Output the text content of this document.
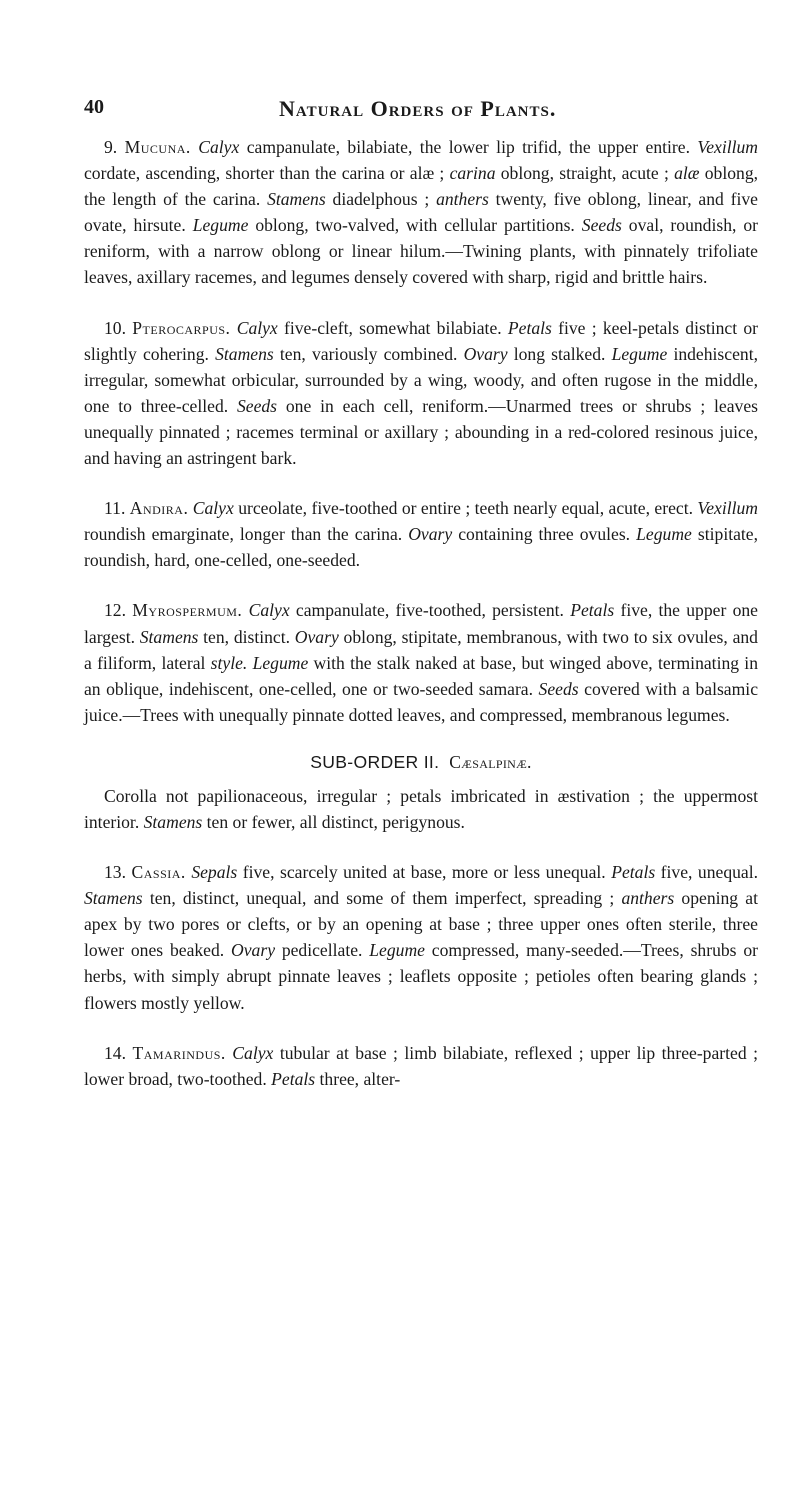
40	Natural Orders of Plants.

9. Mucuna. Calyx campanulate, bilabiate, the lower lip trifid, the upper entire. Vexillum cordate, ascending, shorter than the carina or alæ ; carina oblong, straight, acute ; alæ oblong, the length of the carina. Stamens diadelphous ; anthers twenty, five oblong, linear, and five ovate, hirsute. Legume oblong, two-valved, with cellular partitions. Seeds oval, roundish, or reniform, with a narrow oblong or linear hilum.—Twining plants, with pinnately trifoliate leaves, axillary racemes, and legumes densely covered with sharp, rigid and brittle hairs.

10. Pterocarpus. Calyx five-cleft, somewhat bilabiate. Petals five ; keel-petals distinct or slightly cohering. Stamens ten, variously combined. Ovary long stalked. Legume indehiscent, irregular, somewhat orbicular, surrounded by a wing, woody, and often rugose in the middle, one to three-celled. Seeds one in each cell, reniform.—Unarmed trees or shrubs ; leaves unequally pinnated ; racemes terminal or axillary ; abounding in a red-colored resinous juice, and having an astringent bark.

11. Andira. Calyx urceolate, five-toothed or entire ; teeth nearly equal, acute, erect. Vexillum roundish emarginate, longer than the carina. Ovary containing three ovules. Legume stipitate, roundish, hard, one-celled, one-seeded.

12. Myrospermum. Calyx campanulate, five-toothed, persistent. Petals five, the upper one largest. Stamens ten, distinct. Ovary oblong, stipitate, membranous, with two to six ovules, and a filiform, lateral style. Legume with the stalk naked at base, but winged above, terminating in an oblique, indehiscent, one-celled, one or two-seeded samara. Seeds covered with a balsamic juice.—Trees with unequally pinnate dotted leaves, and compressed, membranous legumes.

SUB-ORDER II. Cæsalpinæ.

Corolla not papilionaceous, irregular ; petals imbricated in æstivation ; the uppermost interior. Stamens ten or fewer, all distinct, perigynous.

13. Cassia. Sepals five, scarcely united at base, more or less unequal. Petals five, unequal. Stamens ten, distinct, unequal, and some of them imperfect, spreading ; anthers opening at apex by two pores or clefts, or by an opening at base ; three upper ones often sterile, three lower ones beaked. Ovary pedicellate. Legume compressed, many-seeded.—Trees, shrubs or herbs, with simply abrupt pinnate leaves ; leaflets opposite ; petioles often bearing glands ; flowers mostly yellow.

14. Tamarindus. Calyx tubular at base ; limb bilabiate, reflexed ; upper lip three-parted ; lower broad, two-toothed. Petals three, alter-
